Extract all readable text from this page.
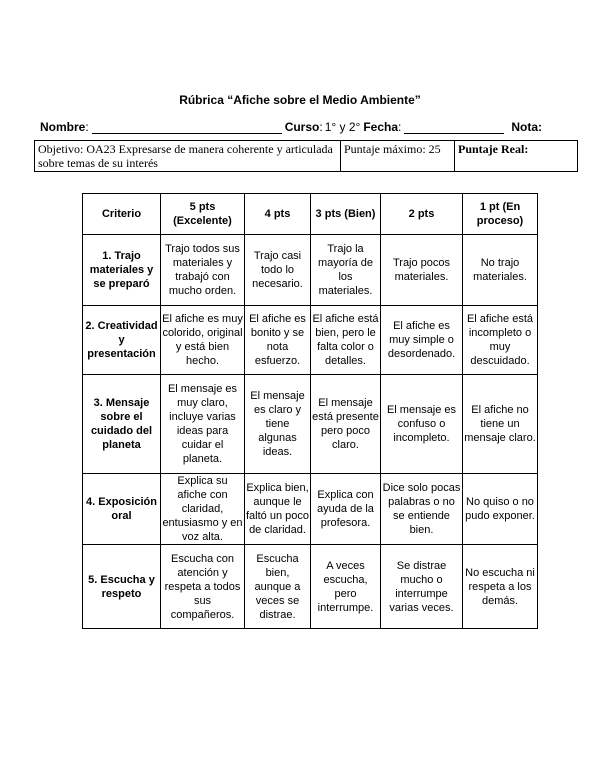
Rúbrica “Afiche sobre el Medio Ambiente”
Nombre :	Curso : 1° y 2° Fecha :	Nota:
Objetivo: OA23 Expresarse de manera coherente y articulada sobre temas de su interés	Puntaje máximo: 25	Puntaje Real:
Criterio	5 pts (Excelente)	4 pts	3 pts (Bien)	2 pts	1 pt (En proceso)
1. Trajo materiales y se preparó	Trajo todos sus materiales y trabajó con mucho orden.	Trajo casi todo lo necesario.	Trajo la mayoría de los materiales.	Trajo pocos materiales.	No trajo materiales.
2. Creatividad y presentación	El afiche es muy colorido, original y está bien hecho.	El afiche es bonito y se nota esfuerzo.	El afiche está bien, pero le falta color o detalles.	El afiche es muy simple o desordenado.	El afiche está incompleto o muy descuidado.
3. Mensaje sobre el cuidado del planeta	El mensaje es muy claro, incluye varias ideas para cuidar el planeta.	El mensaje es claro y tiene algunas ideas.	El mensaje está presente pero poco claro.	El mensaje es confuso o incompleto.	El afiche no tiene un mensaje claro.
4. Exposición oral	Explica su afiche con claridad, entusiasmo y en voz alta.	Explica bien, aunque le faltó un poco de claridad.	Explica con ayuda de la profesora.	Dice solo pocas palabras o no se entiende bien.	No quiso o no pudo exponer.
5. Escucha y respeto	Escucha con atención y respeta a todos sus compañeros.	Escucha bien, aunque a veces se distrae.	A veces escucha, pero interrumpe.	Se distrae mucho o interrumpe varias veces.	No escucha ni respeta a los demás.
